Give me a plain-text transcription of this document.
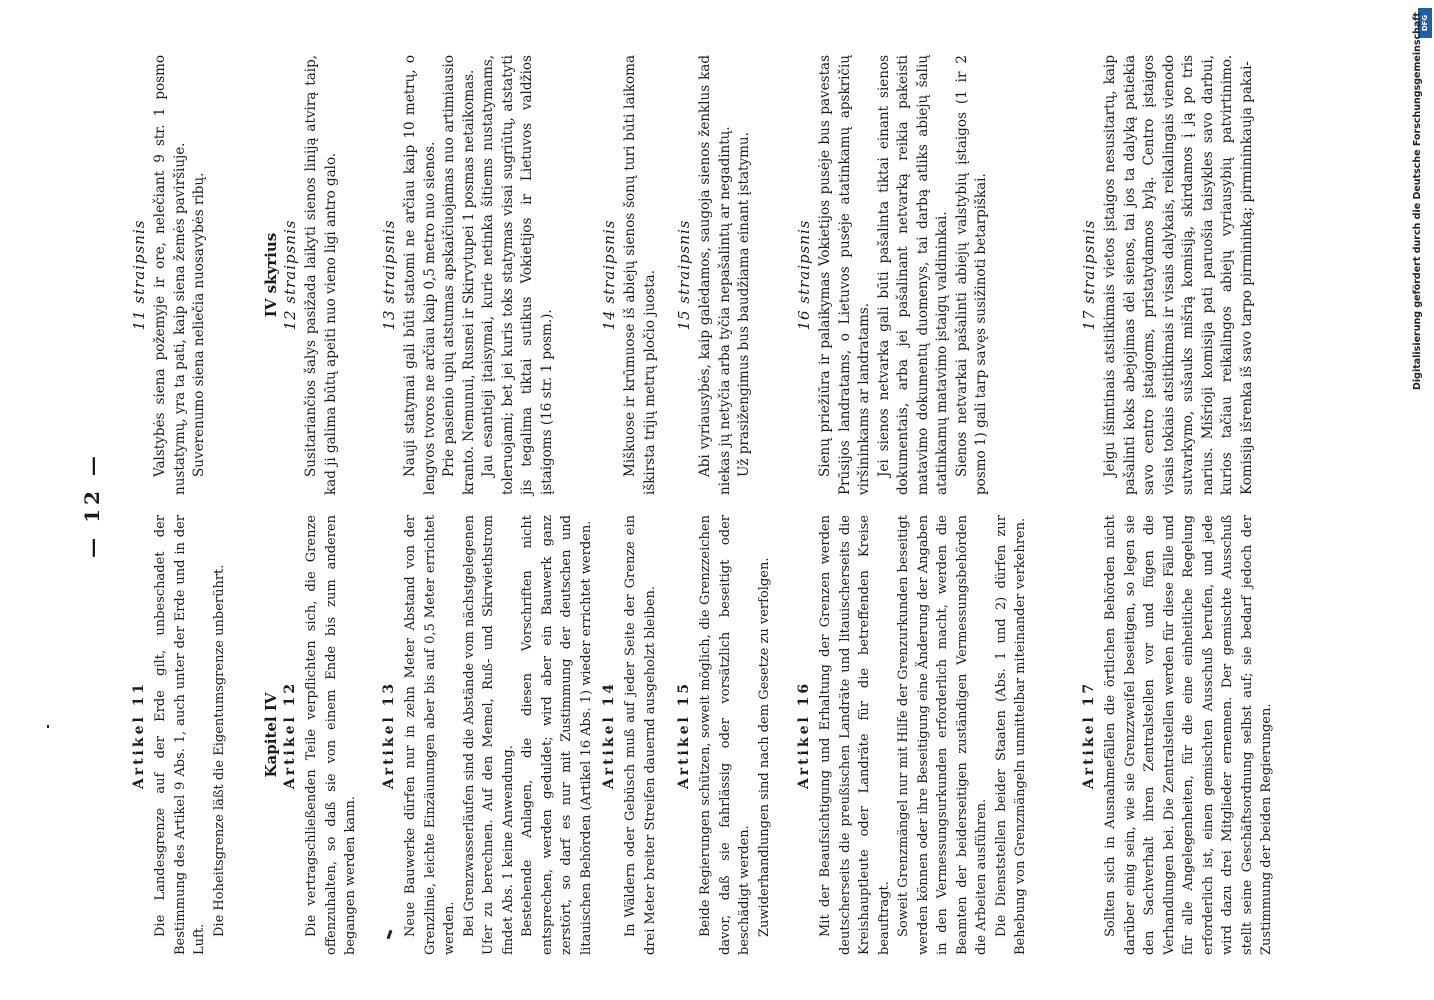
— 12 —
Artikel 11 Die Landesgrenze auf der Erde gilt, unbeschadet der Bestimmung des Artikel 9 Abs. 1, auch unter der Erde und in der Luft.

Die Hoheitsgrenze läßt die Eigentumsgrenze unberührt. Kapitel IV Artikel 12 Die vertragschließenden Teile verpflichten sich, die Grenze offenzuhalten, so daß sie von einem Ende bis zum anderen begangen werden kann.

Artikel 13 Neue Bauwerke dürfen nur in zehn Meter Abstand von der Grenzlinie, leichte Einzäunungen aber bis auf 0,5 Meter errichtet werden. Bei Grenzwasserläufen sind die Abstände vom nächstgelegenen Ufer zu berechnen. Auf den Memel, Ruß- und Skirwiethstrom findet Abs. 1 keine Anwendung. Bestehende Anlagen, die diesen Vorschriften nicht entsprechen, werden geduldet; wird aber ein Bauwerk ganz zerstört, so darf es nur mit Zustimmung der deutschen und litauischen Behörden (Artikel 16 Abs. 1) wieder errichtet werden. Artikel 14 In Wäldern oder Gebüsch muß auf jeder Seite der Grenze ein drei Meter breiter Streifen dauernd ausgeholzt bleiben. Artikel 15 Beide Regierungen schützen, soweit möglich, die Grenzzeichen davor, daß sie fahrlässig oder vorsätzlich beseitigt oder beschädigt werden. Zuwiderhandlungen sind nach dem Gesetze zu verfolgen. Artikel 16 Mit der Beaufsichtigung und Erhaltung der Grenzen werden deutscherseits die preußischen Landräte und litauischerseits die Kreishauptleute oder Landräte für die betreffenden Kreise beauftragt. Soweit Grenzmängel nur mit Hilfe der Grenzurkunden beseitigt werden können oder ihre Beseitigung eine Änderung der Angaben in den Vermessungsurkunden erforderlich macht, werden die Beamten der beiderseitigen zuständigen Vermessungsbehörden die Arbeiten ausführen. Die Dienststellen beider Staaten (Abs. 1 und 2) dürfen zur Behebung von Grenzmängeln unmittelbar miteinander verkehren.	Artikel 17 Sollten sich in Ausnahmefällen die örtlichen Behörden nicht darüber einig sein, wie sie Grenzzweifel beseitigen, so legen sie den Sachverhalt ihren Zentralstellen vor und fügen die Verhandlungen bei. Die Zentralstellen werden für diese Fälle und für alle Angelegenheiten, für die eine einheitliche Regelung erforderlich ist, einen gemischten Ausschuß berufen, und jede wird dazu drei Mitglieder ernennen. Der gemischte Ausschuß stellt seine Geschäftsordnung selbst auf; sie bedarf jedoch der Zustimmung der beiden Regierungen.

11 straipsnis Valstybės siena požemyje ir ore, nelečiant 9 str. 1 posmo nustatymų, yra ta pati, kaip siena žemės paviršiuje. Suverenumo siena neliečia nuosavybės ribų.	IV skyrius 12 straipsnis Susitariančios šalys pasižada laikyti sienos liniją atvirą taip, kad ji galima būtų apeiti nuo vieno ligi antro galo.	13 straipsnis Nauji statymai gali būti statomi ne arčiau kaip 10 metrų, o lengvos tvoros ne arčiau kaip 0,5 metro nuo sienos. Prie pasienio upių atstumas apskaičiuojamas nuo artimiausio kranto. Nemunui, Rusnei ir Skirvytupei 1 posmas netaikomas. Jau esantieji įtaisymai, kurie netinka šitiems nustatymams, toleruojami; bet jei kuris toks statymas visai sugriūtų, atstatyti jis tegalima tiktai sutikus Vokietijos ir Lietuvos valdžios įstaigoms (16 str. 1 posm.).

14 straipsnis Miškuose ir krūmuose iš abiejų sienos šonų turi būti laikoma iškirsta trijų metrų pločio juosta. 15 straipsnis Abi vyriausybės, kaip galėdamos, saugoja sienos ženklus kad niekas jų netyčia arba tyčia nepašalintų ar negadintų. Už prasižengimus bus baudžiama einant įstatymu.	16 straipsnis Sienų priežiūra ir palaikymas Vokietijos pusėje bus pavestas Prūsijos landratams, o Lietuvos pusėje atatinkamų apskričių viršininkams ar landratams. Jei sienos netvarka gali būti pašalinta tiktai einant sienos dokumentais, arba jei pašalinant netvarką reikia pakeisti matavimo dokumentų duomenys, tai darbą atliks abiejų šalių atatinkamų matavimo įstaigų valdininkai. Sienos netvarkai pašalinti abiejų valstybių įstaigos (1 ir 2 posmo 1) gali tarp savęs susižinoti betarpiškai.	17 straipsnis Jeigu išimtinais atsitikimais vietos įstaigos nesusitartų, kaip pašalinti koks abejojimas dėl sienos, tai jos ta dalyką patiekia savo centro įstaigoms, pristatydamos bylą. Centro įstaigos visais tokiais atsitikimais ir visais dalykais, reikalingais vienodo sutvarkymo, sušauks mišrią komisiją, skirdamos į ją po tris narius. Mišrioji komisija pati paruošia taisykles savo darbui, kurios tačiau reikalingos abiejų vyriausybių patvirtinimo. Komisija išrenka iš savo tarpo pirmininką; pirmininkauja pakai-

DFG
Digitalisierung gefördert durch die Deutsche Forschungsgemeinschaft
